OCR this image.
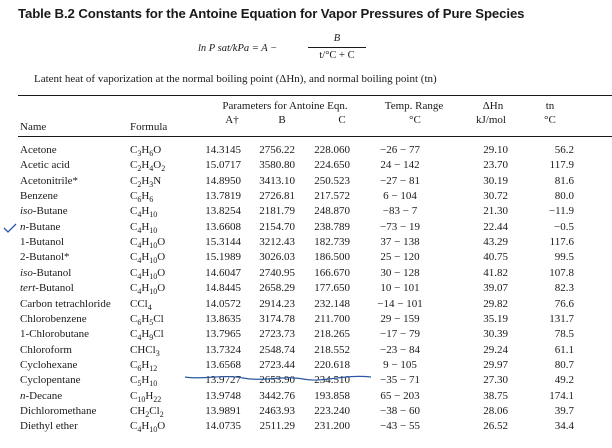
Table B.2 Constants for the Antoine Equation for Vapor Pressures of Pure Species
ln P sat/kPa = A −
B
t/°C + C
Latent heat of vaporization at the normal boiling point (ΔHn), and normal boiling point (tn)
Parameters for Antoine Eqn.	Temp. Range	ΔHn	tn
Name	Formula
A†	B	C	°C	kJ/mol	°C
Acetone	$C_3H_6O$	14.3145	2756.22	228.060	−26 − 77	29.10	56.2
Acetic acid	$C_2H_4O_2$	15.0717	3580.80	224.650	24 − 142	23.70	117.9
Acetonitrile*	$C_2H_3N$	14.8950	3413.10	250.523	−27 − 81	30.19	81.6
Benzene	$C_6H_6$	13.7819	2726.81	217.572	6 − 104	30.72	80.0
iso-Butane	$C_4H_{10}$	13.8254	2181.79	248.870	−83 − 7	21.30	−11.9
n-Butane	$C_4H_{10}$	13.6608	2154.70	238.789	−73 − 19	22.44	−0.5
1-Butanol	$C_4H_{10}O$	15.3144	3212.43	182.739	37 − 138	43.29	117.6
2-Butanol*	$C_4H_{10}O$	15.1989	3026.03	186.500	25 − 120	40.75	99.5
iso-Butanol	$C_4H_{10}O$	14.6047	2740.95	166.670	30 − 128	41.82	107.8
tert-Butanol	$C_4H_{10}O$	14.8445	2658.29	177.650	10 − 101	39.07	82.3
Carbon tetrachloride CCl$_4$	14.0572	2914.23	232.148	−14 − 101	29.82	76.6
Chlorobenzene	$C_6H_5Cl$	13.8635	3174.78	211.700	29 − 159	35.19	131.7
1-Chlorobutane	$C_4H_9Cl$	13.7965	2723.73	218.265	−17 − 79	30.39	78.5
Chloroform	CHCl$_3$	13.7324	2548.74	218.552	−23 − 84	29.24	61.1
Cyclohexane	$C_6H_{12}$	13.6568	2723.44	220.618	9 − 105	29.97	80.7
Cyclopentane	$C_5H_{10}$	13.9727	2653.90	234.510	−35 − 71	27.30	49.2
n-Decane	$C_{10}H_{22}$	13.9748	3442.76	193.858	65 − 203	38.75	174.1
Dichloromethane	$CH_2Cl_2$	13.9891	2463.93	223.240	−38 − 60	28.06	39.7
Diethyl ether	$C_4H_{10}O$	14.0735	2511.29	231.200	−43 − 55	26.52	34.4
